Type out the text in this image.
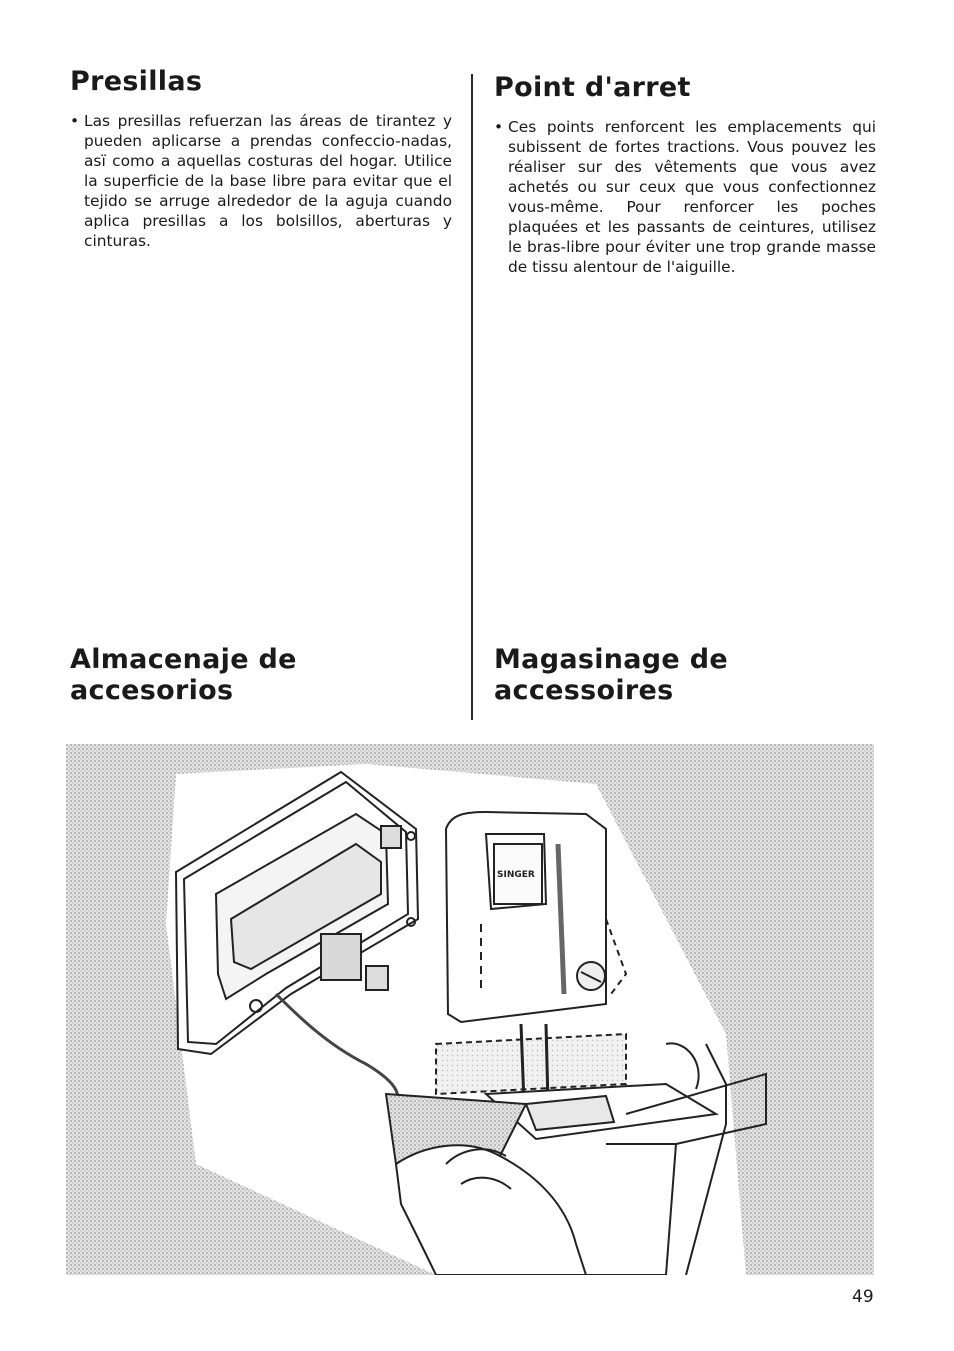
Presillas

• Las presillas refuerzan las áreas de tirantez y pueden aplicarse a prendas confeccio-nadas, asï como a aquellas costuras del hogar. Utilice la superficie de la base libre para evitar que el tejido se arruge alrededor de la aguja cuando aplica presillas a los bolsillos, aberturas y cinturas.

Point d'arret

• Ces points renforcent les emplacements qui subissent de fortes tractions. Vous pouvez les réaliser sur des vêtements que vous avez achetés ou sur ceux que vous confectionnez vous-même. Pour renforcer les poches plaquées et les passants de ceintures, utilisez le bras-libre pour éviter une trop grande masse de tissu alentour de l'aiguille.

Almacenaje de
accesorios
Magasinage de
accessoires
SINGER
49
